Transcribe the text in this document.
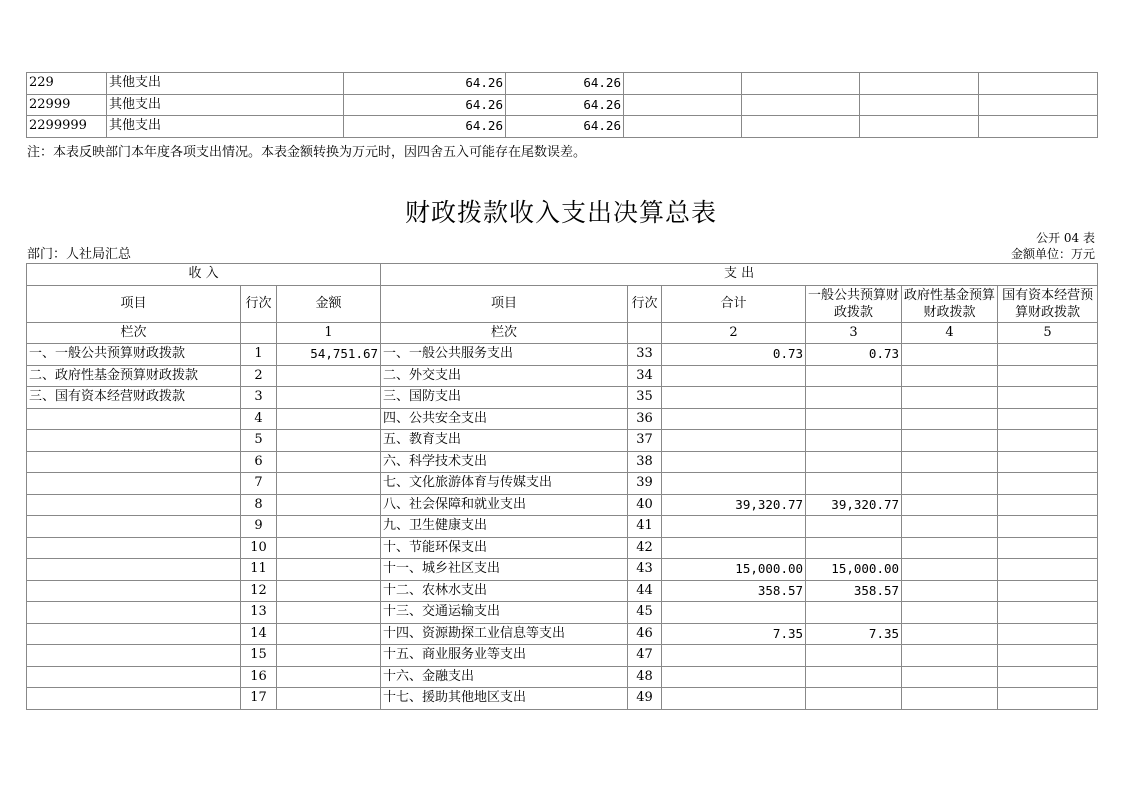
229	其他支出	64.26	64.26				
22999	其他支出	64.26	64.26				
2299999	其他支出	64.26	64.26				
注：本表反映部门本年度各项支出情况。本表金额转换为万元时，因四舍五入可能存在尾数误差。
财政拨款收入支出决算总表
公开 04 表
部门：人社局汇总	金额单位：万元
收 入			支 出					
项目	行次	金额	项目	行次	合计	一般公共预算财政拨款	政府性基金预算财政拨款	国有资本经营预算财政拨款
栏次		1	栏次		2	3	4	5
一、一般公共预算财政拨款	1	54,751.67	一、一般公共服务支出	33	0.73	0.73		
二、政府性基金预算财政拨款	2		二、外交支出	34				
三、国有资本经营财政拨款	3		三、国防支出	35				
	4		四、公共安全支出	36				
	5		五、教育支出	37				
	6		六、科学技术支出	38				
	7		七、文化旅游体育与传媒支出	39				
	8		八、社会保障和就业支出	40	39,320.77	39,320.77		
	9		九、卫生健康支出	41				
	10		十、节能环保支出	42				
	11		十一、城乡社区支出	43	15,000.00	15,000.00		
	12		十二、农林水支出	44	358.57	358.57		
	13		十三、交通运输支出	45				
	14		十四、资源勘探工业信息等支出	46	7.35	7.35		
	15		十五、商业服务业等支出	47				
	16		十六、金融支出	48				
	17		十七、援助其他地区支出	49				
